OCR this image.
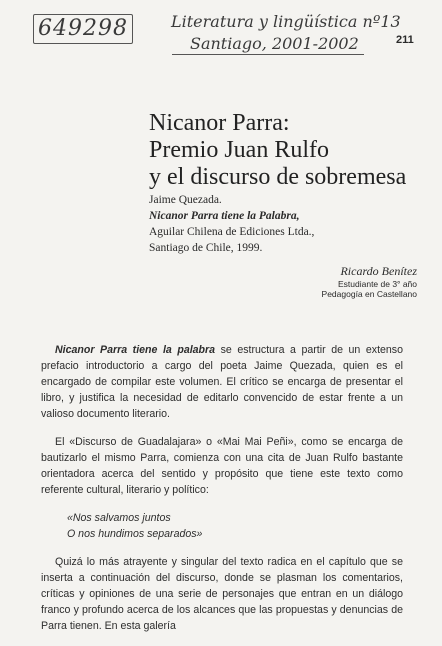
649298	Literatura y lingüística nº13
Santiago, 2001-2002	211
Nicanor Parra:
Premio Juan Rulfo
y el discurso de sobremesa
Jaime Quezada.
Nicanor Parra tiene la Palabra,
Aguilar Chilena de Ediciones Ltda.,
Santiago de Chile, 1999.
Ricardo Benítez
Estudiante de 3° año
Pedagogía en Castellano

Nicanor Parra tiene la palabra se estructura a partir de un extenso prefacio introductorio a cargo del poeta Jaime Quezada, quien es el encargado de compilar este volumen. El crítico se encarga de presentar el libro, y justifica la necesidad de editarlo convencido de estar frente a un valioso documento literario.

El «Discurso de Guadalajara» o «Mai Mai Peñi», como se encarga de bautizarlo el mismo Parra, comienza con una cita de Juan Rulfo bastante orientadora acerca del sentido y propósito que tiene este texto como referente cultural, literario y político:

«Nos salvamos juntos
O nos hundimos separados»

Quizá lo más atrayente y singular del texto radica en el capítulo que se inserta a continuación del discurso, donde se plasman los comentarios, críticas y opiniones de una serie de personajes que entran en un diálogo franco y profundo acerca de los alcances que las propuestas y denuncias de Parra tienen. En esta galería
